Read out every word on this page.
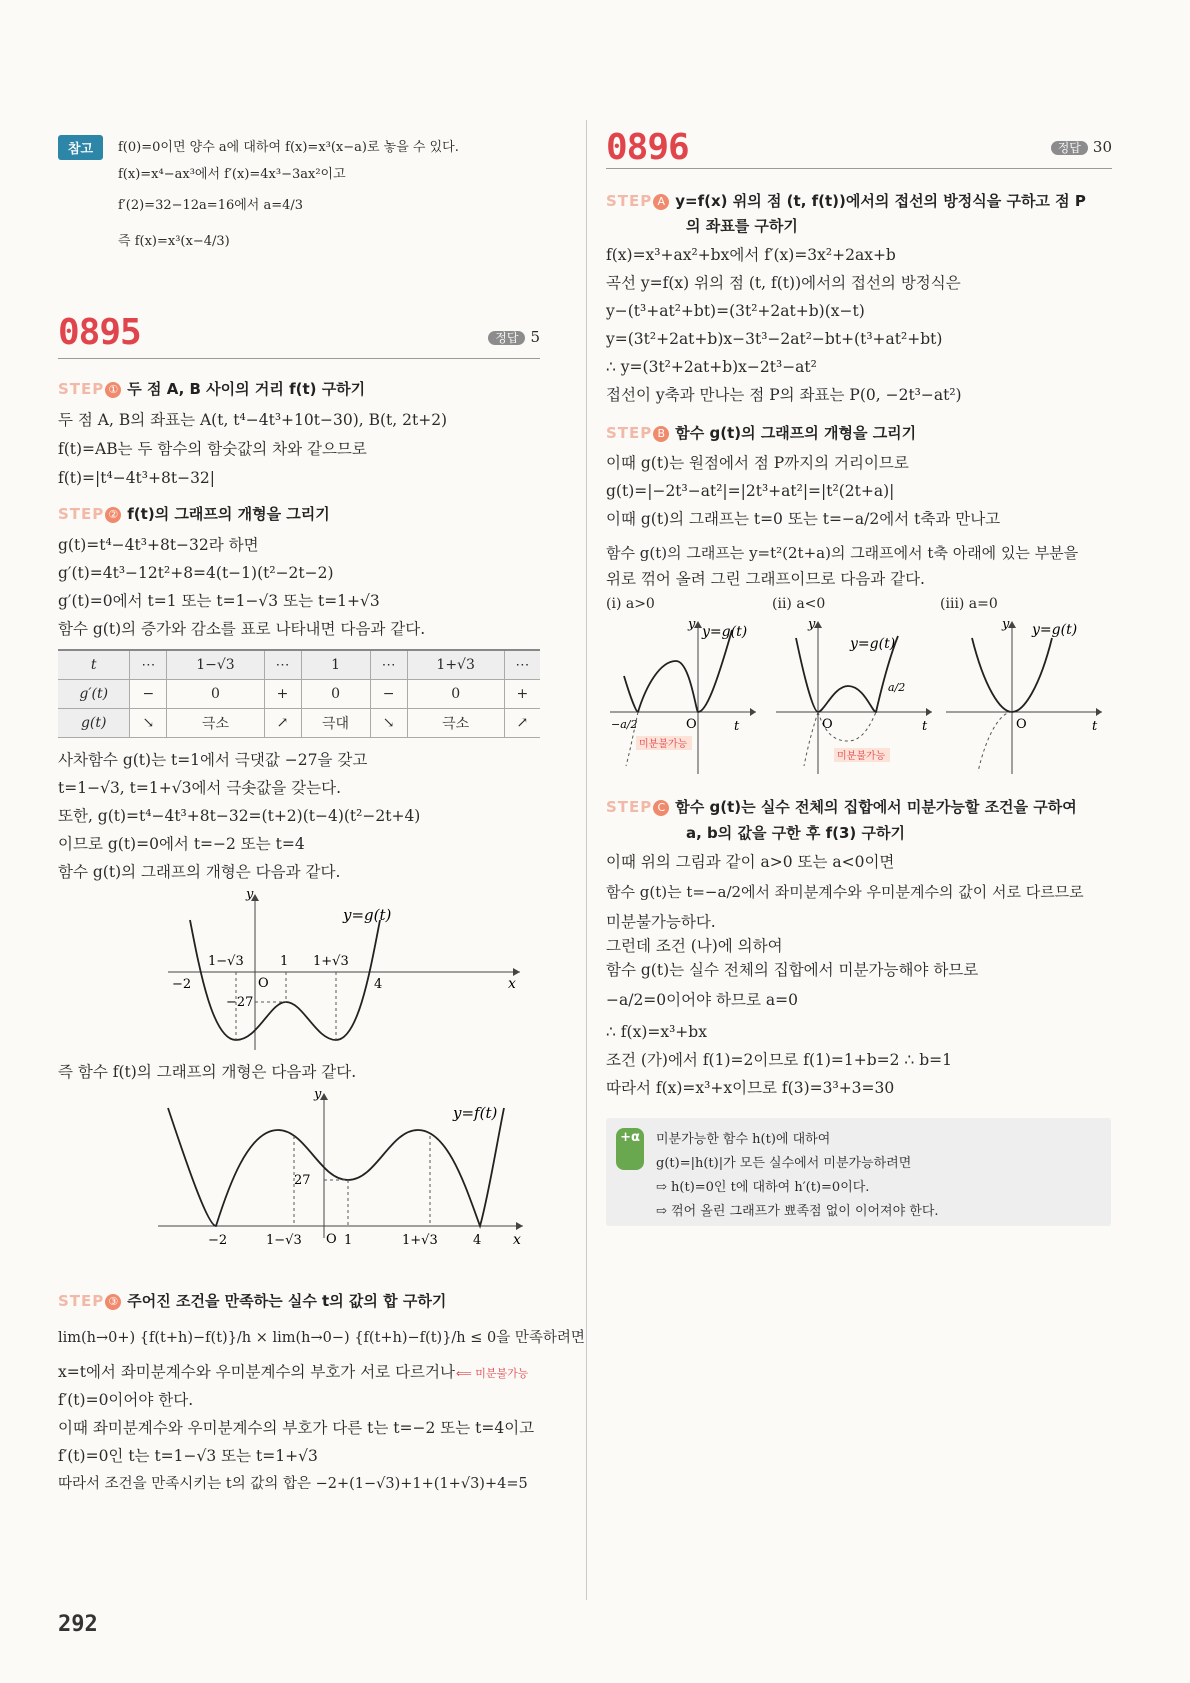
참고	f(0)=0이면 양수 a에 대하여 f(x)=x³(x−a)로 놓을 수 있다.
f(x)=x⁴−ax³에서 f′(x)=4x³−3ax²이고
f′(2)=32−12a=16에서 a=4/3
즉 f(x)=x³(x−4/3)
0895	정답 5
STEP ① 두 점 A, B 사이의 거리 f(t) 구하기
두 점 A, B의 좌표는 A(t, t⁴−4t³+10t−30), B(t, 2t+2)
f(t)=AB는 두 함수의 함숫값의 차와 같으므로
f(t)=|t⁴−4t³+8t−32|
STEP ② f(t)의 그래프의 개형을 그리기
g(t)=t⁴−4t³+8t−32라 하면
g′(t)=4t³−12t²+8=4(t−1)(t²−2t−2)
g′(t)=0에서 t=1 또는 t=1−√3 또는 t=1+√3
함수 g(t)의 증가와 감소를 표로 나타내면 다음과 같다.
t	⋯	1−√3	⋯	1	⋯	1+√3	⋯
g′(t)	−	0	+	0	−	0	+
g(t)	↘	극소	↗	극대	↘	극소	↗
사차함수 g(t)는 t=1에서 극댓값 −27을 갖고
t=1−√3, t=1+√3에서 극솟값을 갖는다.
또한, g(t)=t⁴−4t³+8t−32=(t+2)(t−4)(t²−2t+4)
이므로 g(t)=0에서 t=−2 또는 t=4
함수 g(t)의 그래프의 개형은 다음과 같다.
y
x
y=g(t)
O
−2
1−√3	1 1+√3
4
−27
즉 함수 f(t)의 그래프의 개형은 다음과 같다.
y
x
y=f(t)
O
27
−2	1−√3	1	1+√3	4
STEP ③ 주어진 조건을 만족하는 실수 t의 값의 합 구하기
lim(h→0+) {f(t+h)−f(t)}/h × lim(h→0−) {f(t+h)−f(t)}/h ≤ 0을 만족하려면
x=t에서 좌미분계수와 우미분계수의 부호가 서로 다르거나 ⟸ 미분불가능
f′(t)=0이어야 한다.
이때 좌미분계수와 우미분계수의 부호가 다른 t는 t=−2 또는 t=4이고
f′(t)=0인 t는 t=1−√3 또는 t=1+√3
따라서 조건을 만족시키는 t의 값의 합은 −2+(1−√3)+1+(1+√3)+4=5
0896	정답 30
STEP A y=f(x) 위의 점 (t, f(t))에서의 접선의 방정식을 구하고 점 P
의 좌표를 구하기
f(x)=x³+ax²+bx에서 f′(x)=3x²+2ax+b
곡선 y=f(x) 위의 점 (t, f(t))에서의 접선의 방정식은
y−(t³+at²+bt)=(3t²+2at+b)(x−t)
y=(3t²+2at+b)x−3t³−2at²−bt+(t³+at²+bt)
∴ y=(3t²+2at+b)x−2t³−at²
접선이 y축과 만나는 점 P의 좌표는 P(0, −2t³−at²)
STEP B 함수 g(t)의 그래프의 개형을 그리기
이때 g(t)는 원점에서 점 P까지의 거리이므로
g(t)=|−2t³−at²|=|2t³+at²|=|t²(2t+a)|
이때 g(t)의 그래프는 t=0 또는 t=−a/2에서 t축과 만나고
함수 g(t)의 그래프는 y=t²(2t+a)의 그래프에서 t축 아래에 있는 부분을
위로 꺾어 올려 그린 그래프이므로 다음과 같다.
(ⅰ) a>0	(ⅱ) a<0	(ⅲ) a=0
y y=g(t)
t
O
−a/2
미분불가능
y
y=g(t)
t
O
a/2
미분불가능
y y=g(t)
t
O
STEP C 함수 g(t)는 실수 전체의 집합에서 미분가능할 조건을 구하여
a, b의 값을 구한 후 f(3) 구하기
이때 위의 그림과 같이 a>0 또는 a<0이면
함수 g(t)는 t=−a/2에서 좌미분계수와 우미분계수의 값이 서로 다르므로
미분불가능하다.
그런데 조건 (나)에 의하여
함수 g(t)는 실수 전체의 집합에서 미분가능해야 하므로
−a/2=0이어야 하므로 a=0
∴ f(x)=x³+bx
조건 (가)에서 f(1)=2이므로 f(1)=1+b=2 ∴ b=1
따라서 f(x)=x³+x이므로 f(3)=3³+3=30
+α	미분가능한 함수 h(t)에 대하여
g(t)=|h(t)|가 모든 실수에서 미분가능하려면
⇨ h(t)=0인 t에 대하여 h′(t)=0이다.
⇨ 꺾어 올린 그래프가 뾰족점 없이 이어져야 한다.
292
